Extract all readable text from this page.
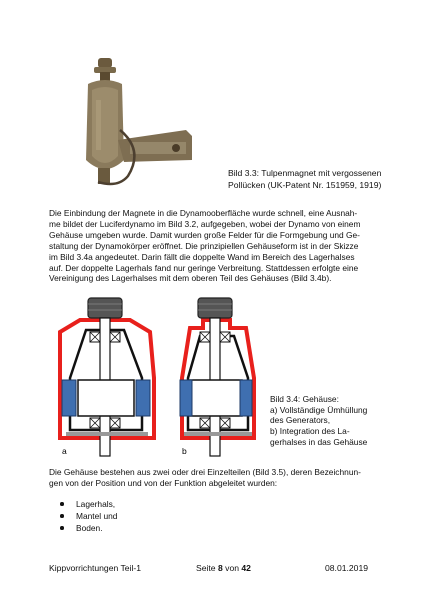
Bild 3.3: Tulpenmagnet mit vergossenen
Pollücken (UK-Patent Nr. 151959, 1919)
Die Einbindung der Magnete in die Dynamooberfläche wurde schnell, eine Ausnah-
me bildet der Luciferdynamo im Bild 3.2, aufgegeben, wobei der Dynamo von einem
Gehäuse umgeben wurde. Damit wurden große Felder für die Formgebung und Ge-
staltung der Dynamokörper eröffnet. Die prinzipiellen Gehäuseform ist in der Skizze
im Bild 3.4a angedeutet. Darin fällt die doppelte Wand im Bereich des Lagerhalses
auf. Der doppelte Lagerhals fand nur geringe Verbreitung. Stattdessen erfolgte eine
Vereinigung des Lagerhalses mit dem oberen Teil des Gehäuses (Bild 3.4b).
a	b
Bild 3.4: Gehäuse:
a) Vollständige Ümhüllung
des Generators,
b) Integration des La-
gerhalses in das Gehäuse
Die Gehäuse bestehen aus zwei oder drei Einzelteilen (Bild 3.5), deren Bezeichnun-
gen von der Position und von der Funktion abgeleitet wurden:
Lagerhals,
Mantel und
Boden.
Kippvorrichtungen Teil-1	Seite 8 von 42	08.01.2019
